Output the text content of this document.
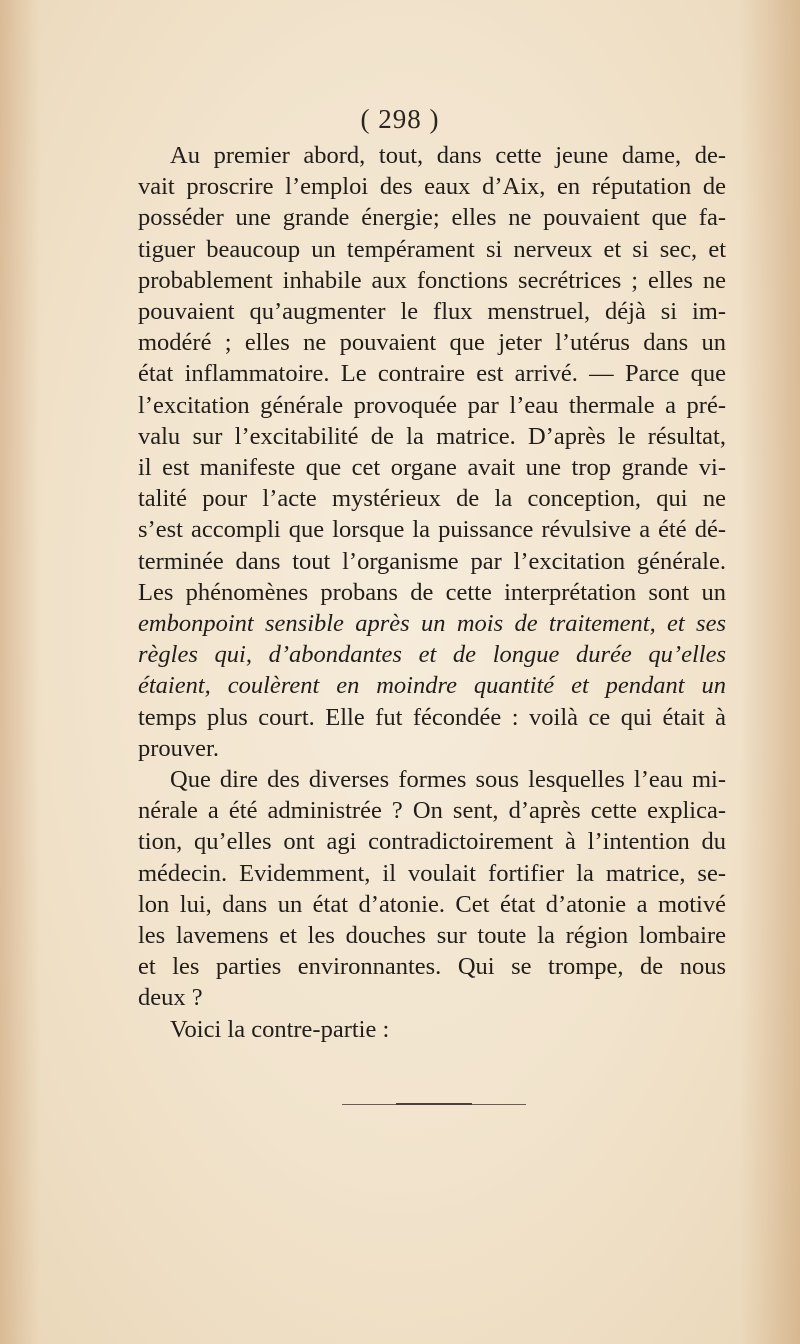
( 298 )

Au premier abord, tout, dans cette jeune dame, de-
vait proscrire l’emploi des eaux d’Aix, en réputation de
posséder une grande énergie; elles ne pouvaient que fa-
tiguer beaucoup un tempérament si nerveux et si sec, et
probablement inhabile aux fonctions secrétrices ; elles ne
pouvaient qu’augmenter le flux menstruel, déjà si im-
modéré ; elles ne pouvaient que jeter l’utérus dans un
état inflammatoire. Le contraire est arrivé. — Parce que
l’excitation générale provoquée par l’eau thermale a pré-
valu sur l’excitabilité de la matrice. D’après le résultat,
il est manifeste que cet organe avait une trop grande vi-
talité pour l’acte mystérieux de la conception, qui ne
s’est accompli que lorsque la puissance révulsive a été dé-
terminée dans tout l’organisme par l’excitation générale.
Les phénomènes probans de cette interprétation sont un
embonpoint sensible après un mois de traitement, et ses
règles qui, d’abondantes et de longue durée qu’elles
étaient, coulèrent en moindre quantité et pendant un
temps plus court. Elle fut fécondée : voilà ce qui était à
prouver.

Que dire des diverses formes sous lesquelles l’eau mi-
nérale a été administrée ? On sent, d’après cette explica-
tion, qu’elles ont agi contradictoirement à l’intention du
médecin. Evidemment, il voulait fortifier la matrice, se-
lon lui, dans un état d’atonie. Cet état d’atonie a motivé
les lavemens et les douches sur toute la région lombaire
et les parties environnantes. Qui se trompe, de nous
deux ?

Voici la contre-partie :
